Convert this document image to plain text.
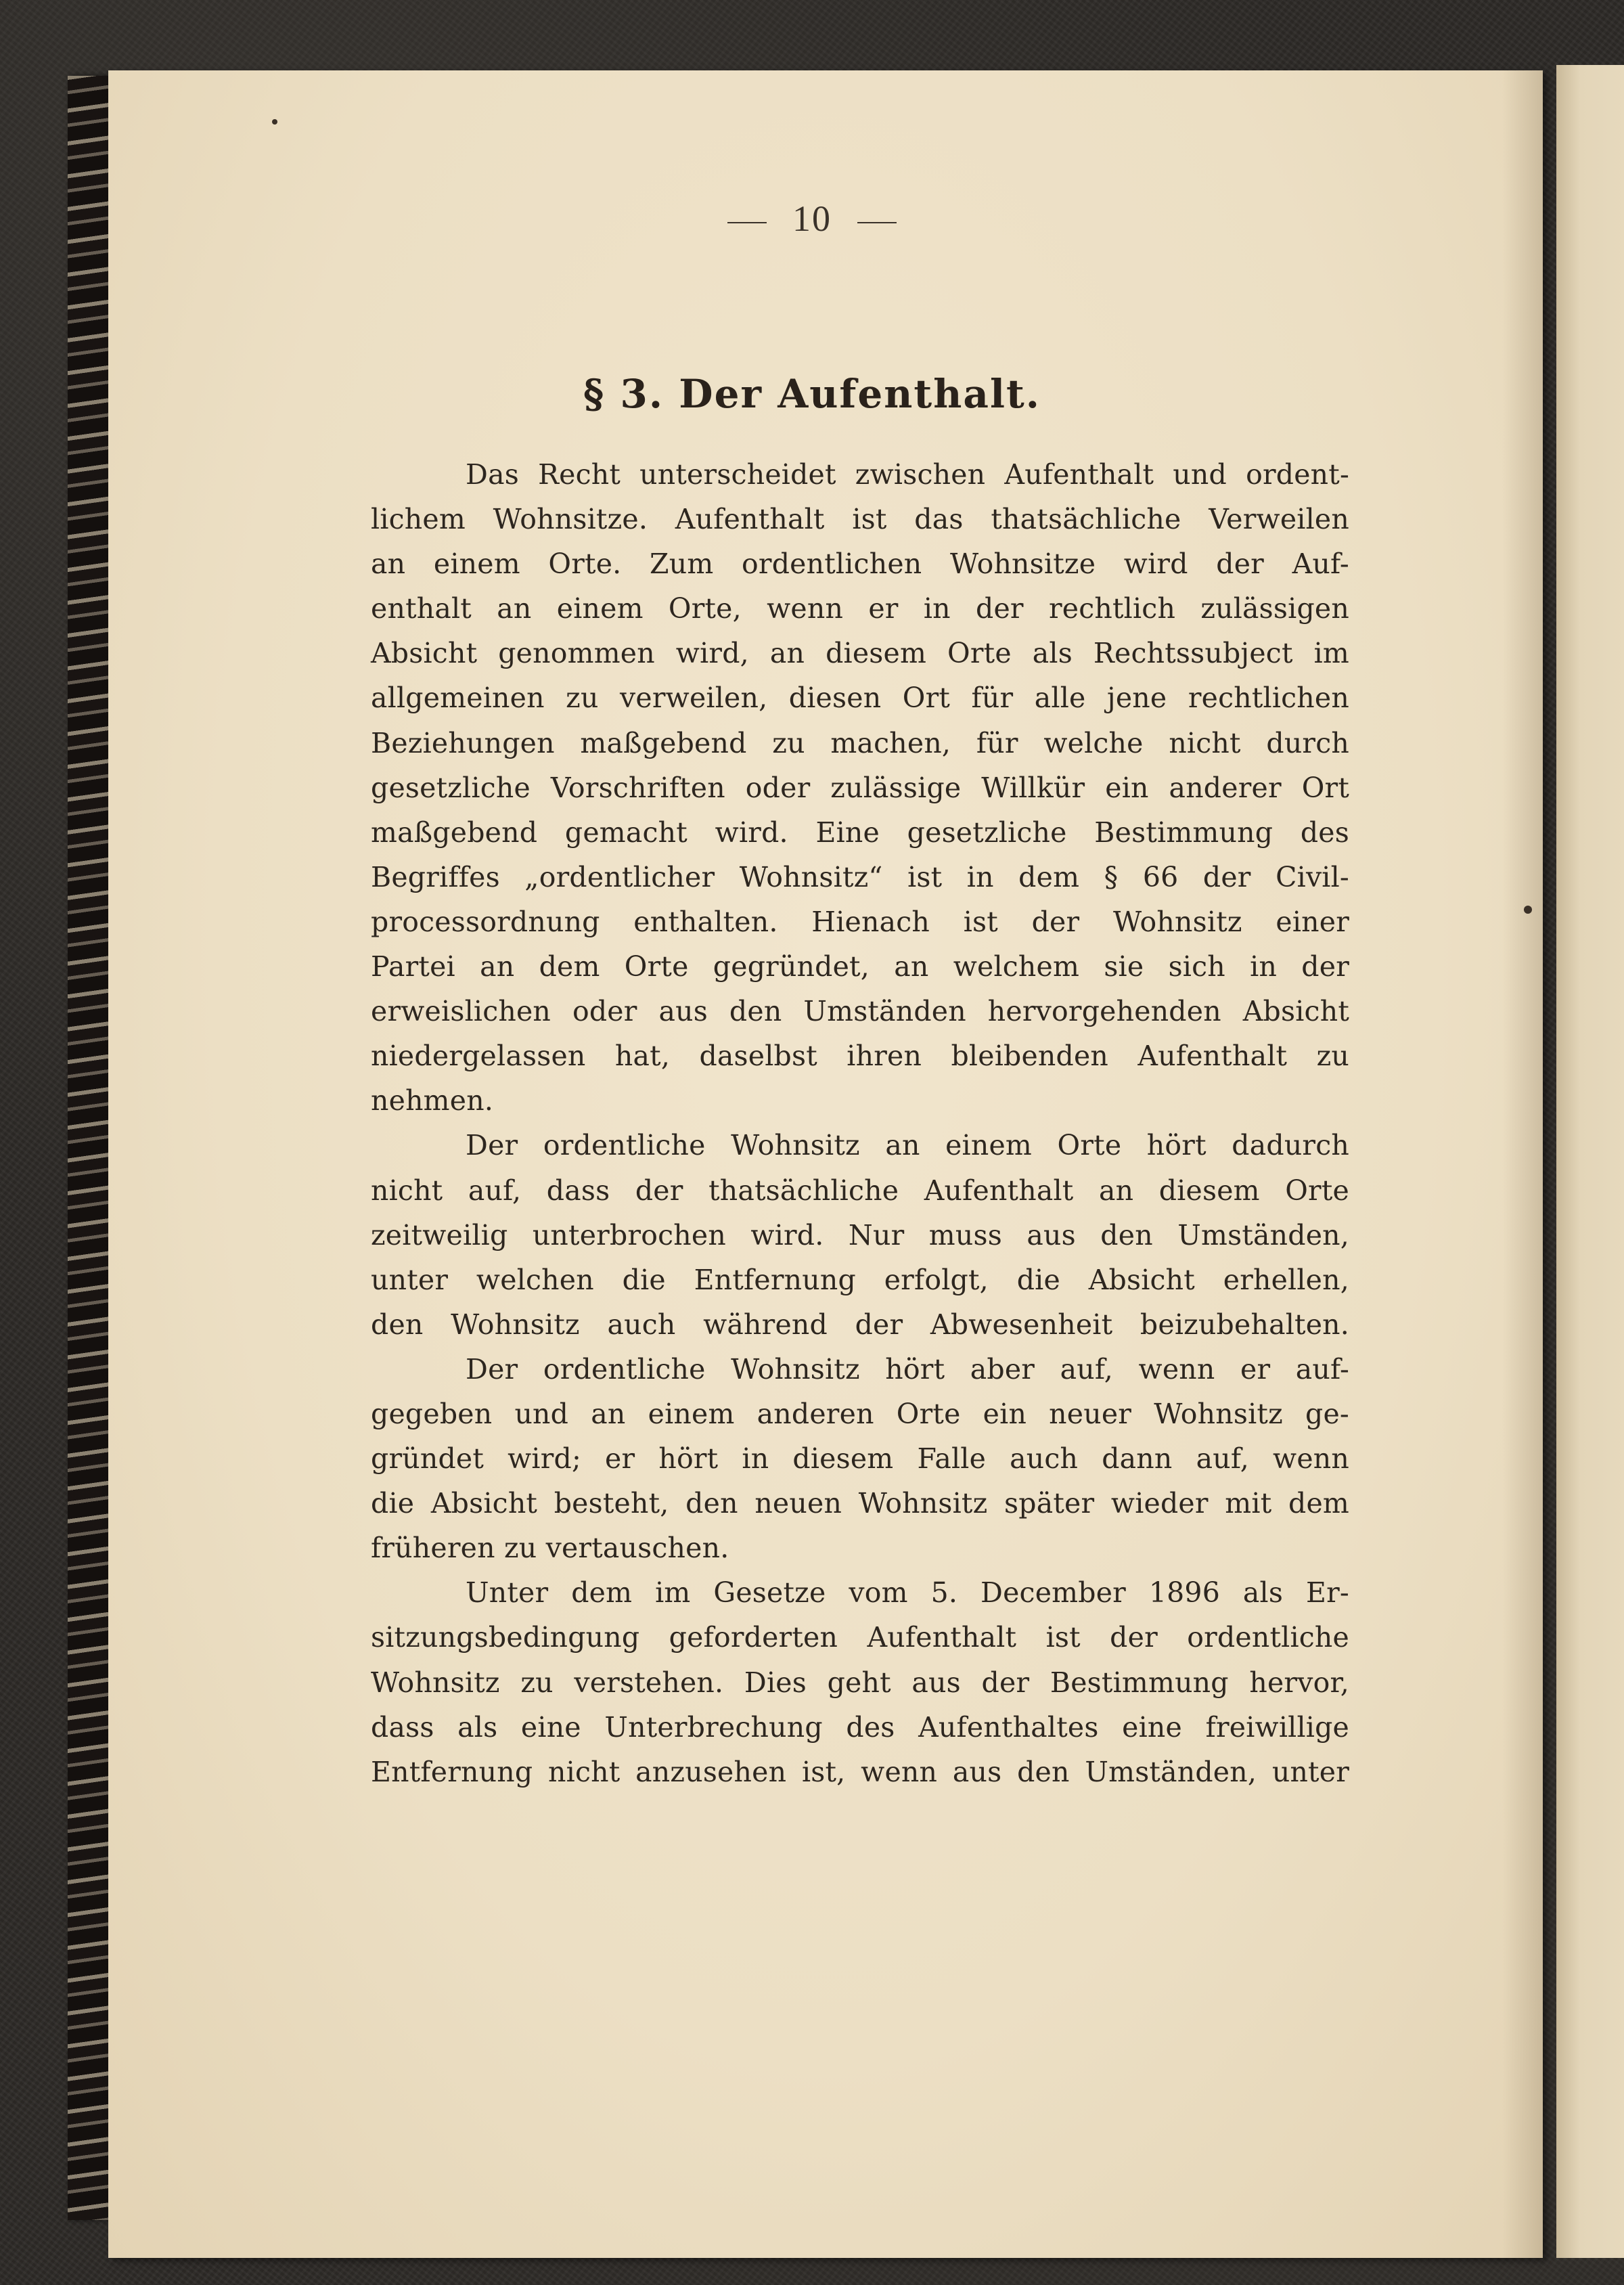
10
§ 3. Der Aufenthalt.

Das Recht unterscheidet zwischen Aufenthalt und ordent-

lichem Wohnsitze. Aufenthalt ist das thatsächliche Verweilen

an einem Orte. Zum ordentlichen Wohnsitze wird der Auf-

enthalt an einem Orte, wenn er in der rechtlich zulässigen

Absicht genommen wird, an diesem Orte als Rechtssubject im

allgemeinen zu verweilen, diesen Ort für alle jene rechtlichen

Beziehungen maßgebend zu machen, für welche nicht durch

gesetzliche Vorschriften oder zulässige Willkür ein anderer Ort

maßgebend gemacht wird. Eine gesetzliche Bestimmung des

Begriffes „ordentlicher Wohnsitz“ ist in dem § 66 der Civil-

processordnung enthalten. Hienach ist der Wohnsitz einer

Partei an dem Orte gegründet, an welchem sie sich in der

erweislichen oder aus den Umständen hervorgehenden Absicht

niedergelassen hat, daselbst ihren bleibenden Aufenthalt zu

nehmen.

Der ordentliche Wohnsitz an einem Orte hört dadurch

nicht auf, dass der thatsächliche Aufenthalt an diesem Orte

zeitweilig unterbrochen wird. Nur muss aus den Umständen,

unter welchen die Entfernung erfolgt, die Absicht erhellen,

den Wohnsitz auch während der Abwesenheit beizubehalten.

Der ordentliche Wohnsitz hört aber auf, wenn er auf-

gegeben und an einem anderen Orte ein neuer Wohnsitz ge-

gründet wird; er hört in diesem Falle auch dann auf, wenn

die Absicht besteht, den neuen Wohnsitz später wieder mit dem

früheren zu vertauschen.

Unter dem im Gesetze vom 5. December 1896 als Er-

sitzungsbedingung geforderten Aufenthalt ist der ordentliche

Wohnsitz zu verstehen. Dies geht aus der Bestimmung hervor,

dass als eine Unterbrechung des Aufenthaltes eine freiwillige

Entfernung nicht anzusehen ist, wenn aus den Umständen, unter
